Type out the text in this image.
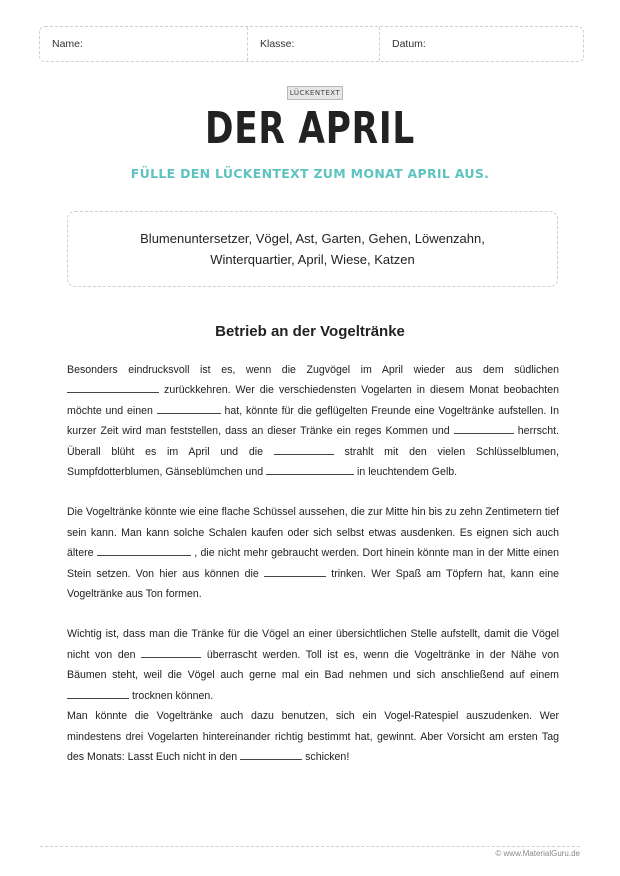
Name:	Klasse:	Datum:
LÜCKENTEXT
DER APRIL
FÜLLE DEN LÜCKENTEXT ZUM MONAT APRIL AUS.
Blumenuntersetzer, Vögel, Ast, Garten, Gehen, Löwenzahn,
Winterquartier, April, Wiese, Katzen
Betrieb an der Vogeltränke

Besonders eindrucksvoll ist es, wenn die Zugvögel im April wieder aus dem südlichen  zurückkehren. Wer die verschiedensten Vogelarten in diesem Monat beobachten möchte und einen	hat, könnte für die geflügelten Freunde eine Vogeltränke aufstellen. In kurzer Zeit wird man feststellen, dass an dieser Tränke ein reges Kommen und	herrscht. Überall blüht es im April und die	strahlt mit den vielen Schlüsselblumen, Sumpfdotterblumen, Gänseblümchen und	in leuchtendem Gelb.

Die Vogeltränke könnte wie eine flache Schüssel aussehen, die zur Mitte hin bis zu zehn Zentimetern tief sein kann. Man kann solche Schalen kaufen oder sich selbst etwas ausdenken. Es eignen sich auch ältere	, die nicht mehr gebraucht werden. Dort hinein könnte man in der Mitte einen Stein setzen. Von hier aus können die	trinken. Wer Spaß am Töpfern hat, kann eine Vogeltränke aus Ton formen.

Wichtig ist, dass man die Tränke für die Vögel an einer übersichtlichen Stelle aufstellt, damit die Vögel nicht von den	überrascht werden. Toll ist es, wenn die Vogeltränke in der Nähe von Bäumen steht, weil die Vögel auch gerne mal ein Bad nehmen und sich anschließend auf einem  trocknen können.

Man könnte die Vogeltränke auch dazu benutzen, sich ein Vogel-Ratespiel auszudenken. Wer mindestens drei Vogelarten hintereinander richtig bestimmt hat, gewinnt. Aber Vorsicht am ersten Tag des Monats: Lasst Euch nicht in den	schicken!

© www.MaterialGuru.de
